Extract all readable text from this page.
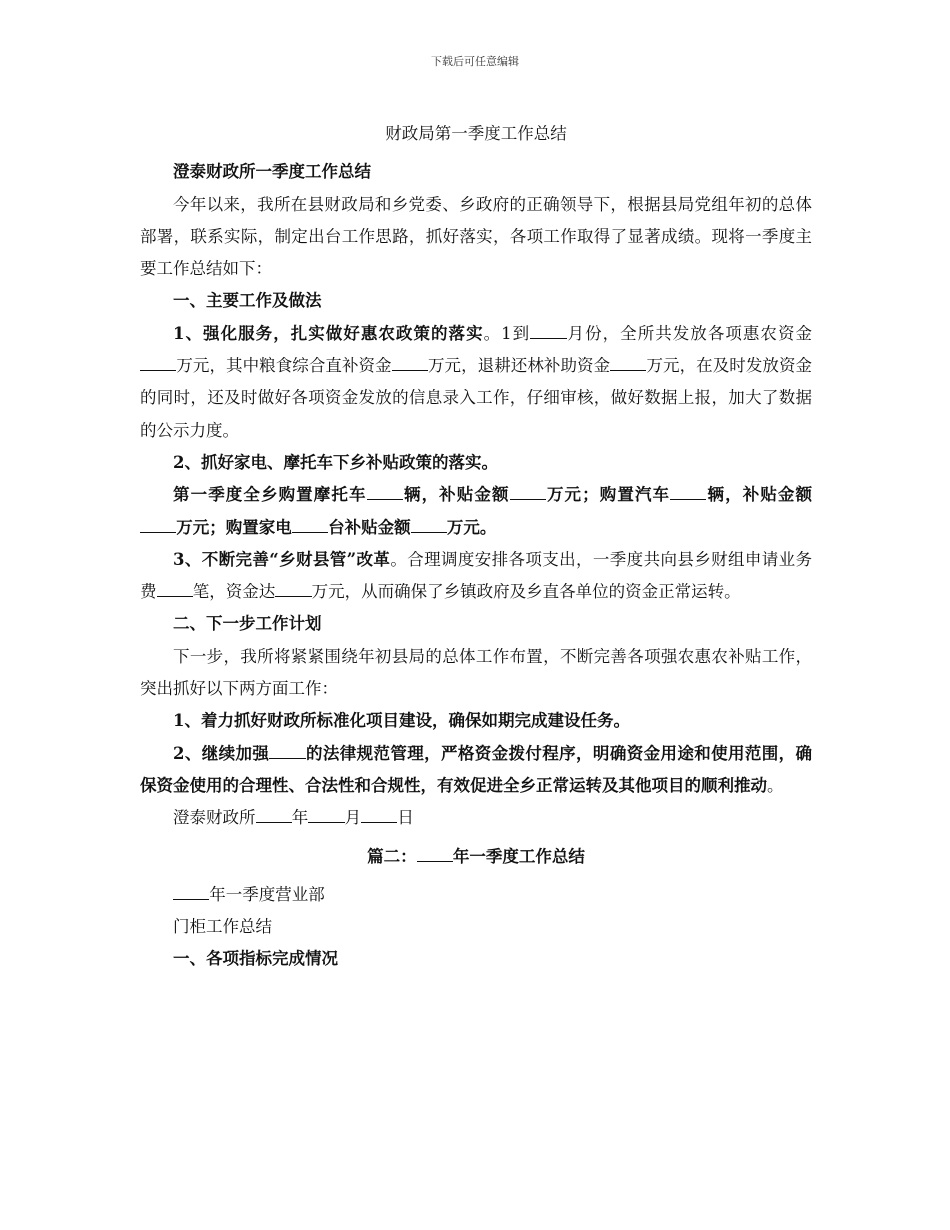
下载后可任意编辑

财政局第一季度工作总结

澄泰财政所一季度工作总结

今年以来，我所在县财政局和乡党委、乡政府的正确领导下，根据县局党组年初的总体部署，联系实际，制定出台工作思路，抓好落实，各项工作取得了显著成绩。现将一季度主要工作总结如下：

一、主要工作及做法

1、强化服务，扎实做好惠农政策的落实。1到 月份，全所共发放各项惠农资金万元，其中粮食综合直补资金 万元，退耕还林补助资金 万元，在及时发放资金的同时，还及时做好各项资金发放的信息录入工作，仔细审核，做好数据上报，加大了数据的公示力度。

2、抓好家电、摩托车下乡补贴政策的落实。

第一季度全乡购置摩托车 辆，补贴金额 万元；购置汽车 辆，补贴金额万元；购置家电 台补贴金额 万元。

3、不断完善“乡财县管”改革。合理调度安排各项支出，一季度共向县乡财组申请业务费 笔，资金达 万元，从而确保了乡镇政府及乡直各单位的资金正常运转。

二、下一步工作计划

下一步，我所将紧紧围绕年初县局的总体工作布置，不断完善各项强农惠农补贴工作，突出抓好以下两方面工作：

1、着力抓好财政所标准化项目建设，确保如期完成建设任务。

2、继续加强 的法律规范管理，严格资金拨付程序，明确资金用途和使用范围，确保资金使用的合理性、合法性和合规性，有效促进全乡正常运转及其他项目的顺利推动。

澄泰财政所 年 月 日

篇二： 年一季度工作总结

年一季度营业部

门柜工作总结

一、各项指标完成情况
